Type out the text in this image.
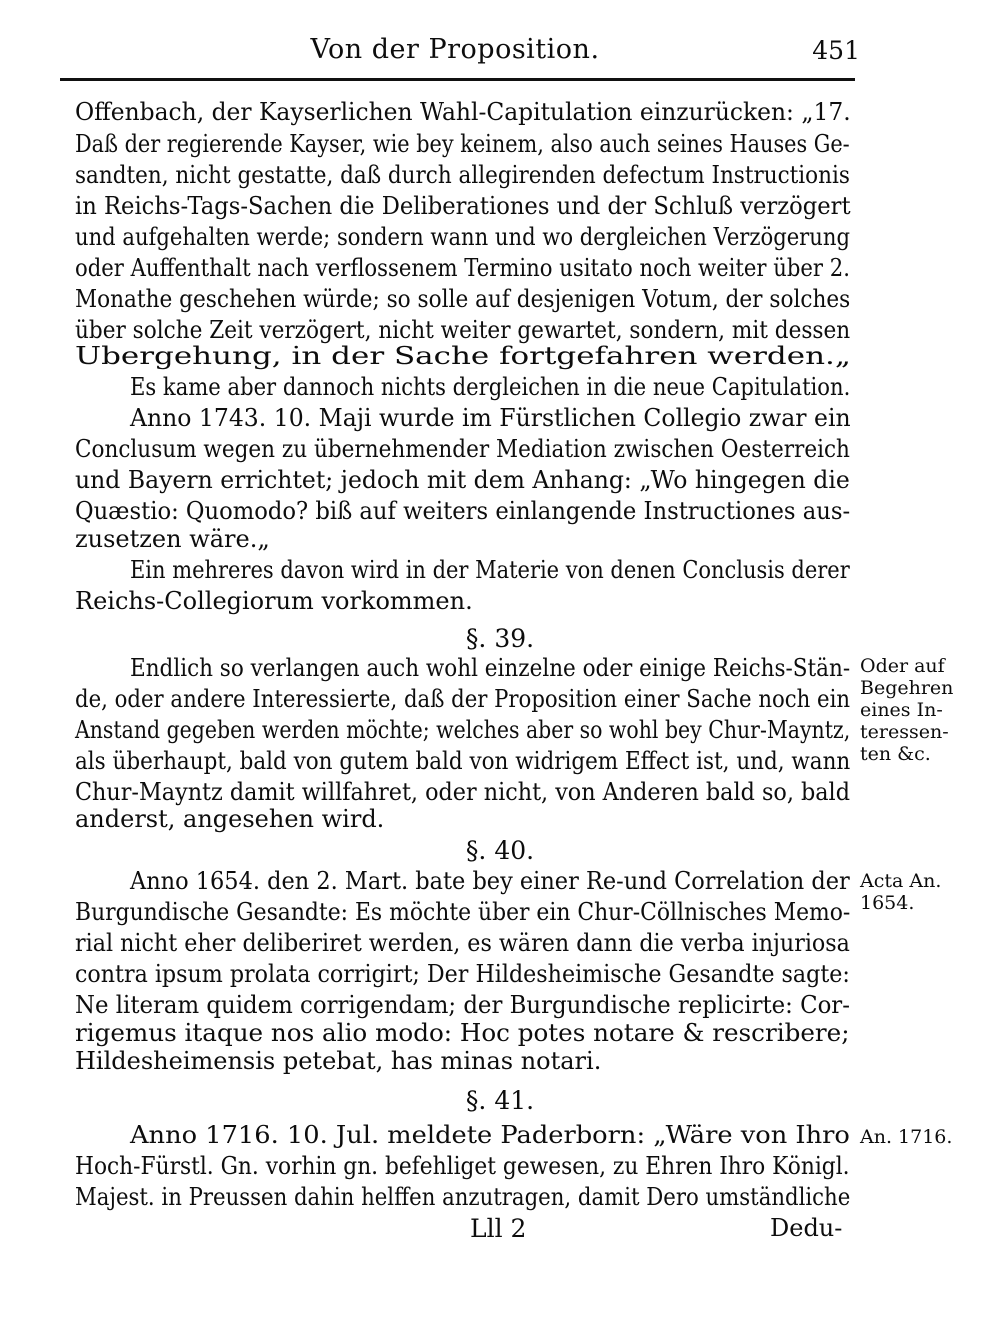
Von der Proposition.	451
Offenbach, der Kayserlichen Wahl-Capitulation einzurücken: „17.
Daß der regierende Kayser, wie bey keinem, also auch seines Hauses Ge-
sandten, nicht gestatte, daß durch allegirenden defectum Instructionis
in Reichs-Tags-Sachen die Deliberationes und der Schluß verzögert
und aufgehalten werde; sondern wann und wo dergleichen Verzögerung
oder Auffenthalt nach verflossenem Termino usitato noch weiter über 2.
Monathe geschehen würde; so solle auf desjenigen Votum, der solches
über solche Zeit verzögert, nicht weiter gewartet, sondern, mit dessen
Ubergehung, in der Sache fortgefahren werden.„
Es kame aber dannoch nichts dergleichen in die neue Capitulation.
Anno 1743. 10. Maji wurde im Fürstlichen Collegio zwar ein
Conclusum wegen zu übernehmender Mediation zwischen Oesterreich
und Bayern errichtet; jedoch mit dem Anhang: „Wo hingegen die
Quæstio: Quomodo? biß auf weiters einlangende Instructiones aus-
zusetzen wäre.„
Ein mehreres davon wird in der Materie von denen Conclusis derer
Reichs-Collegiorum vorkommen.
§. 39.
Endlich so verlangen auch wohl einzelne oder einige Reichs-Stän-
de, oder andere Interessierte, daß der Proposition einer Sache noch ein
Anstand gegeben werden möchte; welches aber so wohl bey Chur-Mayntz,
als überhaupt, bald von gutem bald von widrigem Effect ist, und, wann
Chur-Mayntz damit willfahret, oder nicht, von Anderen bald so, bald
anderst, angesehen wird.
§. 40.
Anno 1654. den 2. Mart. bate bey einer Re-und Correlation der
Burgundische Gesandte: Es möchte über ein Chur-Cöllnisches Memo-
rial nicht eher deliberiret werden, es wären dann die verba injuriosa
contra ipsum prolata corrigirt; Der Hildesheimische Gesandte sagte:
Ne literam quidem corrigendam; der Burgundische replicirte: Cor-
rigemus itaque nos alio modo: Hoc potes notare & rescribere;
Hildesheimensis petebat, has minas notari.
§. 41.
Anno 1716. 10. Jul. meldete Paderborn: „Wäre von Ihro
Hoch-Fürstl. Gn. vorhin gn. befehliget gewesen, zu Ehren Ihro Königl.
Majest. in Preussen dahin helffen anzutragen, damit Dero umständliche
Oder auf
Begehren
eines In-
teressen-
ten &c.
Acta An.
1654.
An. 1716.
Lll 2	Dedu-
